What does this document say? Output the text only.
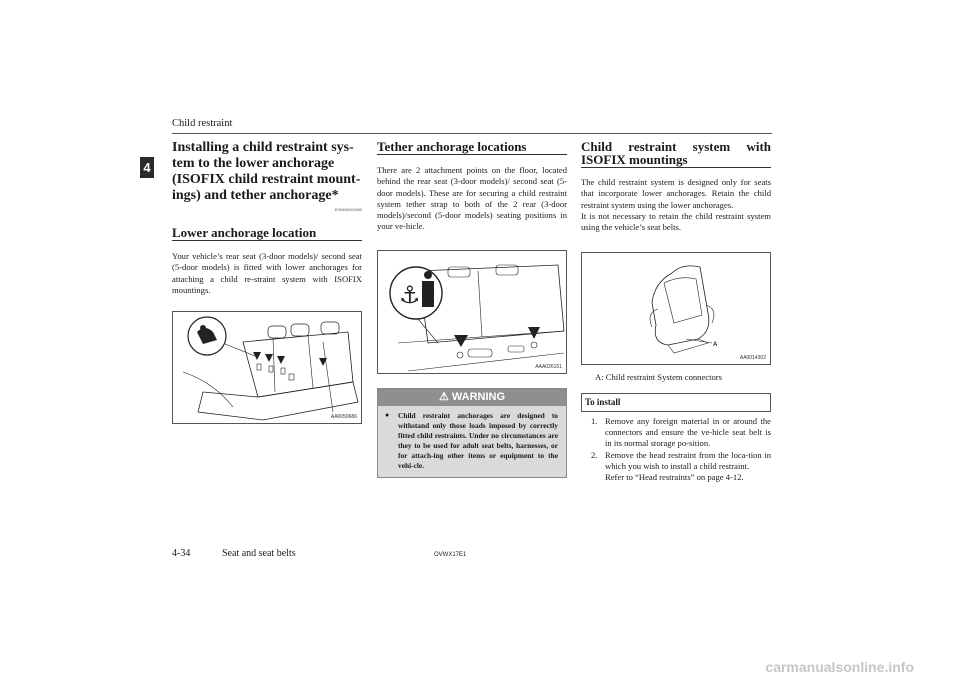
Child restraint
4
Installing a child restraint sys-tem to the lower anchorage (ISOFIX child restraint mount-ings) and tether anchorage*
E00408901980
Lower anchorage location

Your vehicle’s rear seat (3-door models)/ second seat (5-door models) is fitted with lower anchorages for attaching a child re-straint system with ISOFIX mountings.

AA0059686
Tether anchorage locations

There are 2 attachment points on the floor, located behind the rear seat (3-door models)/ second seat (5-door models). These are for securing a child restraint system tether strap to both of the 2 rear (3-door models)/second (5-door models) seating positions in your ve-hicle.

⚓
AAA026151
⚠ WARNING
● Child restraint anchorages are designed to withstand only those loads imposed by correctly fitted child restraints. Under no circumstances are they to be used for adult seat belts, harnesses, or for attach-ing other items or equipment to the vehi-cle.

Child restraint system with ISOFIX mountings

The child restraint system is designed only for seats that incorporate lower anchorages. Retain the child restraint system using the lower anchorages.

It is not necessary to retain the child restraint system using the vehicle’s seat belts.

A
AA0014302

A: Child restraint System connectors

To install
1. Remove any foreign material in or around the connectors and ensure the ve-hicle seat belt is in its normal storage po-sition.
2. Remove the head restraint from the loca-tion in which you wish to install a child restraint.
Refer to “Head restraints” on page 4-12.
4-34	Seat and seat belts	OVWX17E1
carmanualsonline.info
